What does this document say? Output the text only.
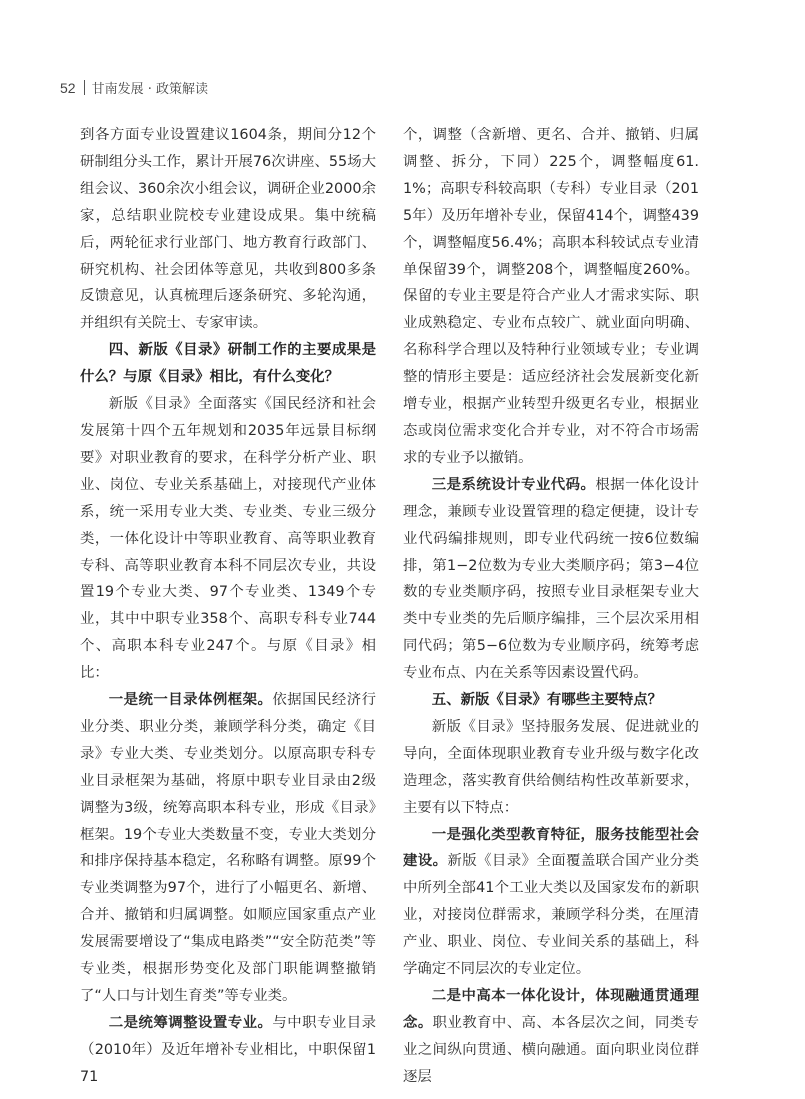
52 甘南发展 · 政策解读

到各方面专业设置建议1604条，期间分12个研制组分头工作，累计开展76次讲座、55场大组会议、360余次小组会议，调研企业2000余家，总结职业院校专业建设成果。集中统稿后，两轮征求行业部门、地方教育行政部门、研究机构、社会团体等意见，共收到800多条反馈意见，认真梳理后逐条研究、多轮沟通，并组织有关院士、专家审读。

四、新版《目录》研制工作的主要成果是什么？与原《目录》相比，有什么变化？

新版《目录》全面落实《国民经济和社会发展第十四个五年规划和2035年远景目标纲要》对职业教育的要求，在科学分析产业、职业、岗位、专业关系基础上，对接现代产业体系，统一采用专业大类、专业类、专业三级分类，一体化设计中等职业教育、高等职业教育专科、高等职业教育本科不同层次专业，共设置19个专业大类、97个专业类、1349个专业，其中中职专业358个、高职专科专业744个、高职本科专业247个。与原《目录》相比：

一是统一目录体例框架。依据国民经济行业分类、职业分类，兼顾学科分类，确定《目录》专业大类、专业类划分。以原高职专科专业目录框架为基础，将原中职专业目录由2级调整为3级，统筹高职本科专业，形成《目录》框架。19个专业大类数量不变，专业大类划分和排序保持基本稳定，名称略有调整。原99个专业类调整为97个，进行了小幅更名、新增、合并、撤销和归属调整。如顺应国家重点产业发展需要增设了“集成电路类”“安全防范类”等专业类，根据形势变化及部门职能调整撤销了“人口与计划生育类”等专业类。

二是统筹调整设置专业。与中职专业目录（2010年）及近年增补专业相比，中职保留171

个，调整（含新增、更名、合并、撤销、归属调整、拆分，下同）225个，调整幅度61.1%；高职专科较高职（专科）专业目录（2015年）及历年增补专业，保留414个，调整439个，调整幅度56.4%；高职本科较试点专业清单保留39个，调整208个，调整幅度260%。保留的专业主要是符合产业人才需求实际、职业成熟稳定、专业布点较广、就业面向明确、名称科学合理以及特种行业领域专业；专业调整的情形主要是：适应经济社会发展新变化新增专业，根据产业转型升级更名专业，根据业态或岗位需求变化合并专业，对不符合市场需求的专业予以撤销。

三是系统设计专业代码。根据一体化设计理念，兼顾专业设置管理的稳定便捷，设计专业代码编排规则，即专业代码统一按6位数编排，第1−2位数为专业大类顺序码；第3−4位数的专业类顺序码，按照专业目录框架专业大类中专业类的先后顺序编排，三个层次采用相同代码；第5−6位数为专业顺序码，统筹考虑专业布点、内在关系等因素设置代码。

五、新版《目录》有哪些主要特点？

新版《目录》坚持服务发展、促进就业的导向，全面体现职业教育专业升级与数字化改造理念，落实教育供给侧结构性改革新要求，主要有以下特点：

一是强化类型教育特征，服务技能型社会建设。新版《目录》全面覆盖联合国产业分类中所列全部41个工业大类以及国家发布的新职业，对接岗位群需求，兼顾学科分类，在厘清产业、职业、岗位、专业间关系的基础上，科学确定不同层次的专业定位。

二是中高本一体化设计，体现融通贯通理念。职业教育中、高、本各层次之间，同类专业之间纵向贯通、横向融通。面向职业岗位群逐层
